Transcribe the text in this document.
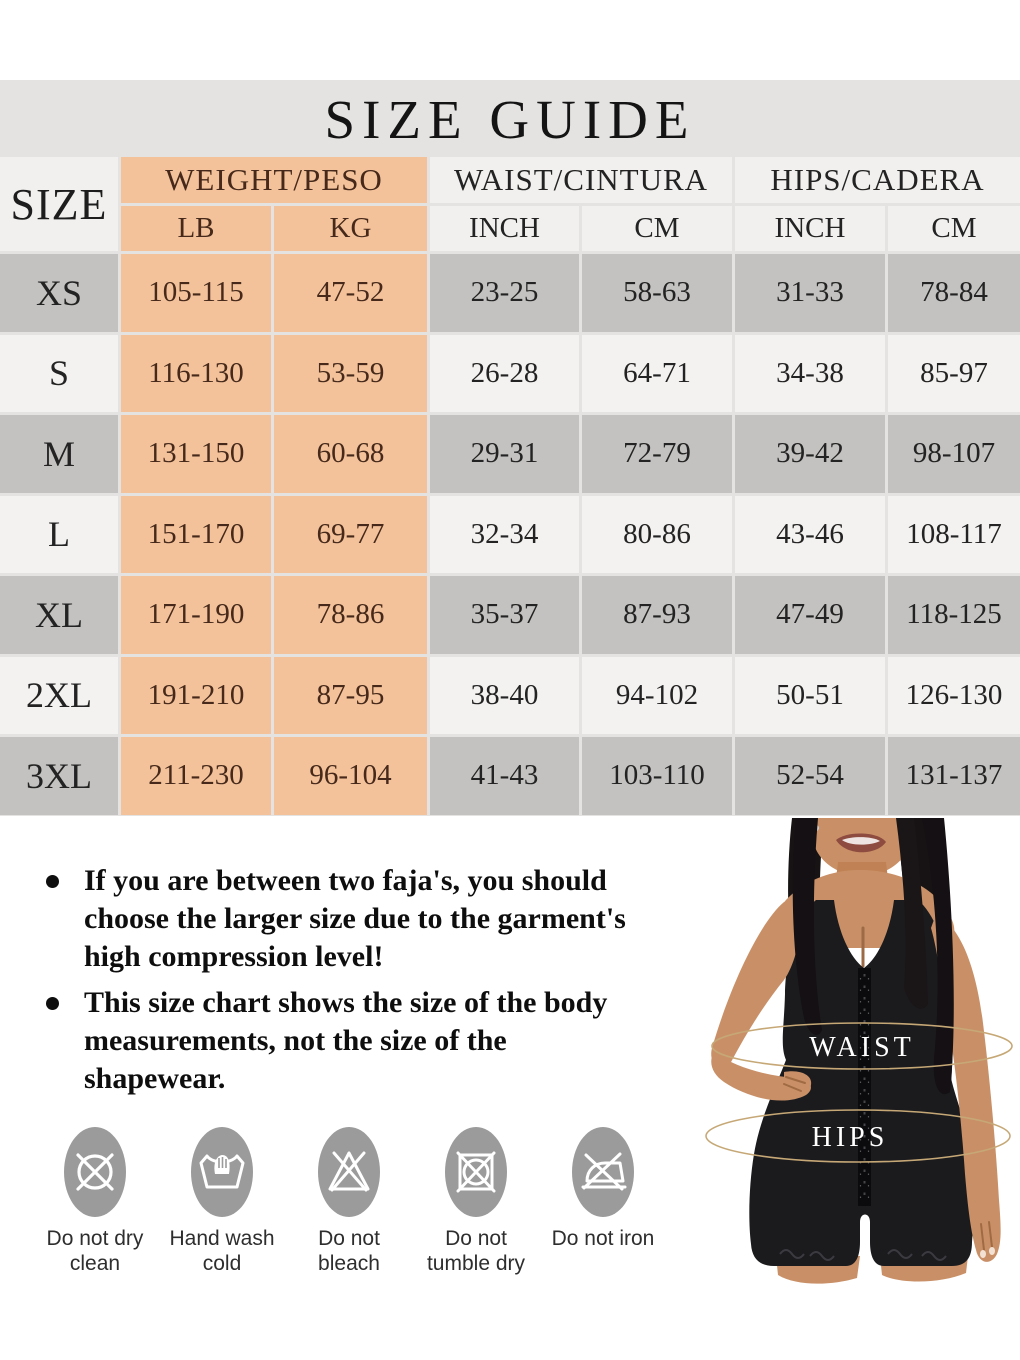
SIZE GUIDE
SIZE	WEIGHT/PESO	WAIST/CINTURA	HIPS/CADERA
LB	KG	INCH	CM	INCH	CM
XS	105-115	47-52	23-25	58-63	31-33	78-84
S	116-130	53-59	26-28	64-71	34-38	85-97
M	131-150	60-68	29-31	72-79	39-42	98-107
L	151-170	69-77	32-34	80-86	43-46	108-117
XL	171-190	78-86	35-37	87-93	47-49	118-125
2XL	191-210	87-95	38-40	94-102	50-51	126-130
3XL	211-230	96-104	41-43	103-110	52-54	131-137
If you are between two faja's, you should
choose the larger size due to the garment's
high compression level!
This size chart shows the size of the body
measurements, not the size of the
shapewear.
Do not dry clean
Hand wash cold
Do not bleach
Do not tumble dry
Do not iron
WAIST
HIPS
